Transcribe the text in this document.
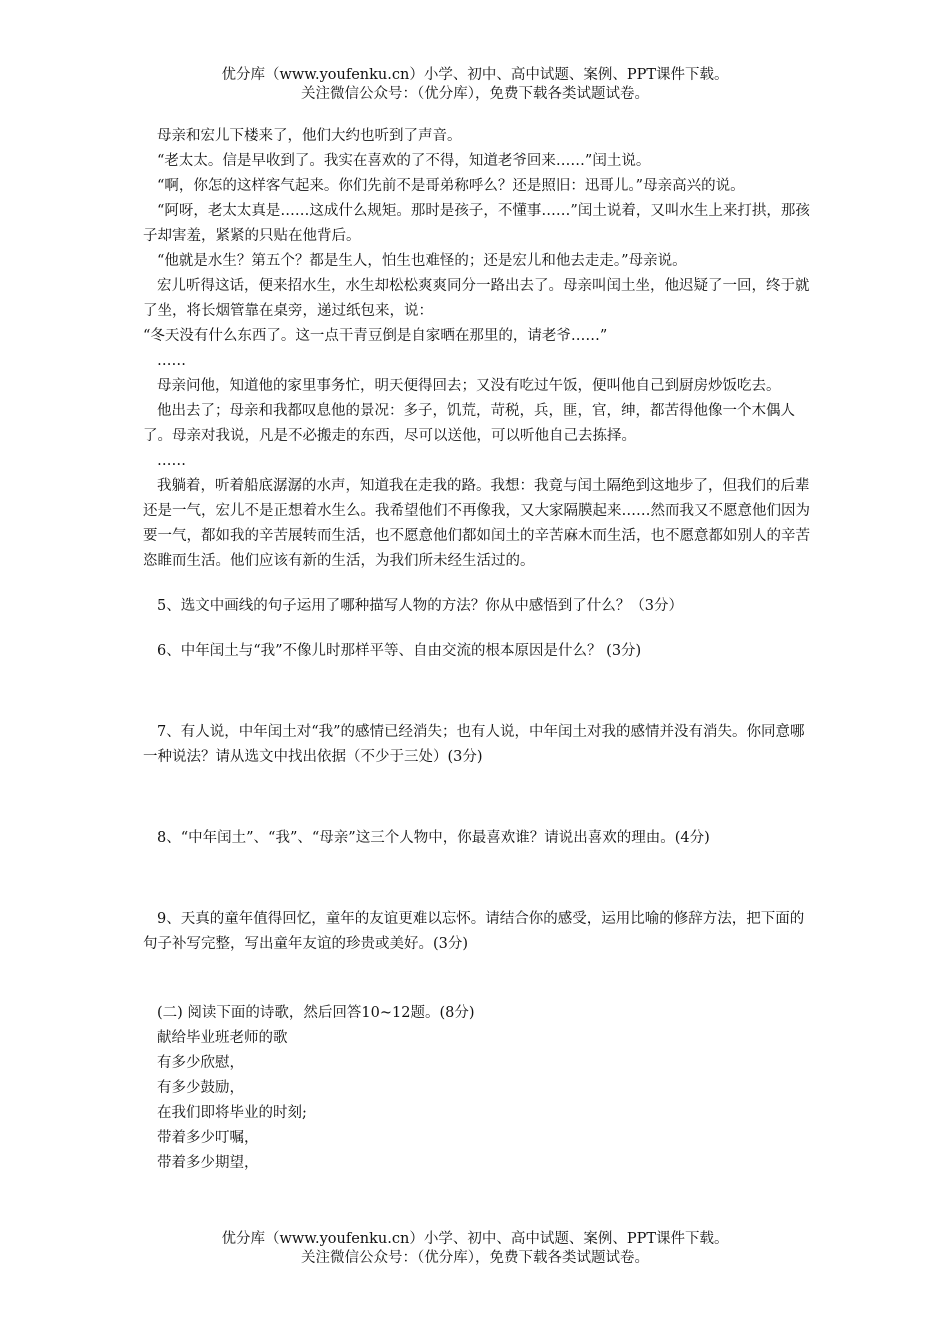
优分库（www.youfenku.cn）小学、初中、高中试题、案例、PPT课件下载。
关注微信公众号：（优分库），免费下载各类试题试卷。

母亲和宏儿下楼来了，他们大约也听到了声音。

“老太太。信是早收到了。我实在喜欢的了不得，知道老爷回来……”闰土说。

“啊，你怎的这样客气起来。你们先前不是哥弟称呼么？还是照旧：迅哥儿。”母亲高兴的说。

“阿呀，老太太真是……这成什么规矩。那时是孩子，不懂事……”闰土说着，又叫水生上来打拱，那孩子却害羞，紧紧的只贴在他背后。

“他就是水生？第五个？都是生人，怕生也难怪的；还是宏儿和他去走走。”母亲说。

宏儿听得这话，便来招水生，水生却松松爽爽同分一路出去了。母亲叫闰土坐，他迟疑了一回，终于就了坐，将长烟管靠在桌旁，递过纸包来，说：

“冬天没有什么东西了。这一点干青豆倒是自家晒在那里的，请老爷……”

……

母亲问他，知道他的家里事务忙，明天便得回去；又没有吃过午饭，便叫他自己到厨房炒饭吃去。

他出去了；母亲和我都叹息他的景况：多子，饥荒，苛税，兵，匪，官，绅，都苦得他像一个木偶人了。母亲对我说，凡是不必搬走的东西，尽可以送他，可以听他自己去拣择。

……

我躺着，听着船底潺潺的水声，知道我在走我的路。我想：我竟与闰土隔绝到这地步了，但我们的后辈还是一气，宏儿不是正想着水生么。我希望他们不再像我，又大家隔膜起来……然而我又不愿意他们因为要一气，都如我的辛苦展转而生活，也不愿意他们都如闰土的辛苦麻木而生活，也不愿意都如别人的辛苦恣睢而生活。他们应该有新的生活，为我们所未经生活过的。

5、选文中画线的句子运用了哪种描写人物的方法？你从中感悟到了什么？（3分）

6、中年闰土与“我”不像儿时那样平等、自由交流的根本原因是什么？ (3分)

7、有人说，中年闰土对“我”的感情已经消失；也有人说，中年闰土对我的感情并没有消失。你同意哪一种说法？请从选文中找出依据（不少于三处）(3分)

8、“中年闰土”、“我”、“母亲”这三个人物中，你最喜欢谁？请说出喜欢的理由。(4分)

9、天真的童年值得回忆，童年的友谊更难以忘怀。请结合你的感受，运用比喻的修辞方法，把下面的句子补写完整，写出童年友谊的珍贵或美好。(3分)

(二) 阅读下面的诗歌，然后回答10~12题。(8分)

献给毕业班老师的歌

有多少欣慰，

有多少鼓励，

在我们即将毕业的时刻;

带着多少叮嘱，

带着多少期望，

优分库（www.youfenku.cn）小学、初中、高中试题、案例、PPT课件下载。
关注微信公众号：（优分库），免费下载各类试题试卷。
